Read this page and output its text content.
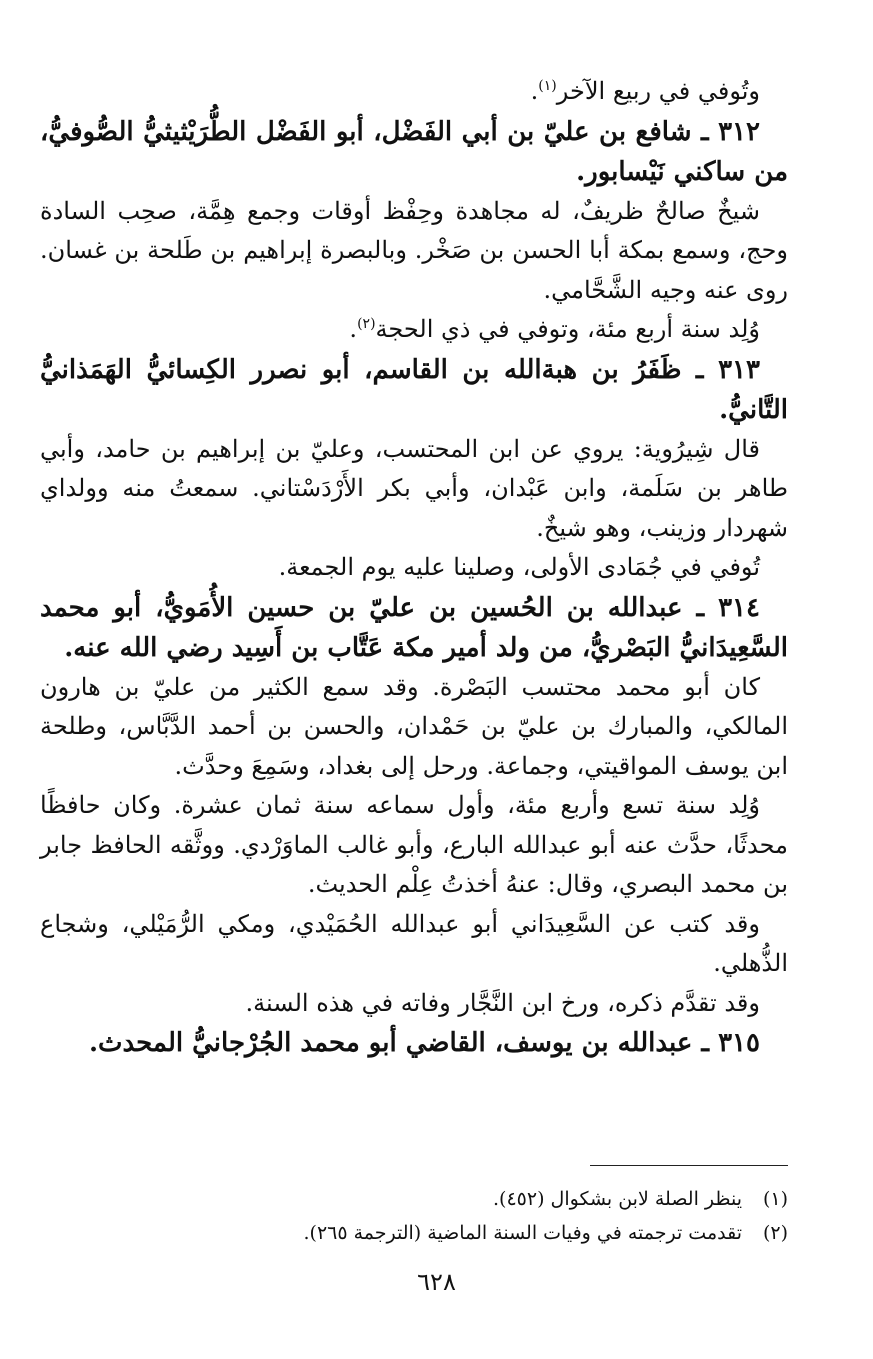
وتُوفي في ربيع الآخر$^{(١)}$.

٣١٢ ـ شافع بن عليّ بن أبي الفَضْل، أبو الفَضْل الطُّرَيْثيثيُّ الصُّوفيُّ، من ساكني نَيْسابور.

شيخٌ صالحٌ ظريفٌ، له مجاهدة وحِفْظ أوقات وجمع هِمَّة، صحِب السادة وحج، وسمع بمكة أبا الحسن بن صَخْر. وبالبصرة إبراهيم بن طَلحة بن غسان. روى عنه وجيه الشَّحَّامي.

وُلِد سنة أربع مئة، وتوفي في ذي الحجة$^{(٢)}$.

٣١٣ ـ ظَفَرُ بن هبةالله بن القاسم، أبو نصرر الكِسائيُّ الهَمَذانيُّ التَّانيُّ.

قال شِيرُوية: يروي عن ابن المحتسب، وعليّ بن إبراهيم بن حامد، وأبي طاهر بن سَلَمة، وابن عَبْدان، وأبي بكر الأَرْدَسْتاني. سمعتُ منه وولداي شهردار وزينب، وهو شيخٌ.

تُوفي في جُمَادى الأولى، وصلينا عليه يوم الجمعة.

٣١٤ ـ عبدالله بن الحُسين بن عليّ بن حسين الأُمَويُّ، أبو محمد السَّعِيدَانيُّ البَصْريُّ، من ولد أمير مكة عَتَّاب بن أَسِيد رضي الله عنه.

كان أبو محمد محتسب البَصْرة. وقد سمع الكثير من عليّ بن هارون المالكي، والمبارك بن عليّ بن حَمْدان، والحسن بن أحمد الدَّبَّاس، وطلحة ابن يوسف المواقيتي، وجماعة. ورحل إلى بغداد، وسَمِعَ وحدَّث.

وُلِد سنة تسع وأربع مئة، وأول سماعه سنة ثمان عشرة. وكان حافظًا محدثًا، حدَّث عنه أبو عبدالله البارع، وأبو غالب الماوَرْدي. ووثَّقه الحافظ جابر بن محمد البصري، وقال: عنهُ أخذتُ عِلْم الحديث.

وقد كتب عن السَّعِيدَاني أبو عبدالله الحُمَيْدي، ومكي الرُّمَيْلي، وشجاع الذُّهلي.

وقد تقدَّم ذكره، ورخ ابن النَّجَّار وفاته في هذه السنة.

٣١٥ ـ عبدالله بن يوسف، القاضي أبو محمد الجُرْجانيُّ المحدث.

(١)ينظر الصلة لابن بشكوال (٤٥٢).
(٢)تقدمت ترجمته في وفيات السنة الماضية (الترجمة ٢٦٥).
٦٢٨
